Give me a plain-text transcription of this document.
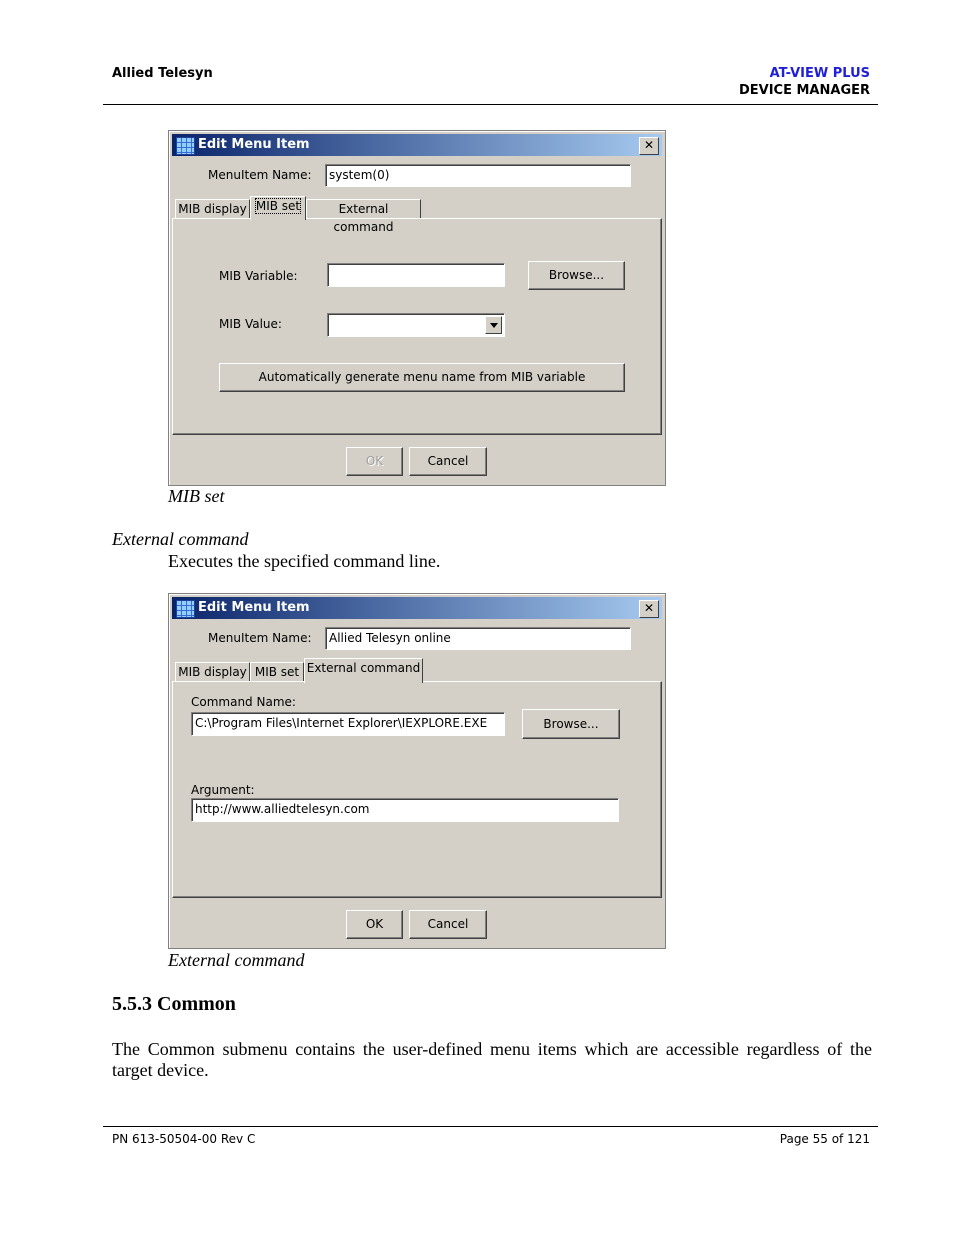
Allied Telesyn	AT-VIEW PLUS
DEVICE MANAGER
Edit Menu Item	✕
MenuItem Name:	system(0)
MIB display MIB set	External command
MIB Variable:	Browse...
MIB Value:
Automatically generate menu name from MIB variable
OK	Cancel
MIB set
External command
Executes the specified command line.
Edit Menu Item	✕
MenuItem Name:	Allied Telesyn online
MIB display MIB set External command
Command Name:
C:\Program Files\Internet Explorer\IEXPLORE.EXE	Browse...
Argument:
http://www.alliedtelesyn.com
OK	Cancel
External command
5.5.3 Common
The Common submenu contains the user-defined menu items which are accessible regardless of the target device.
PN 613-50504-00 Rev C	Page 55 of 121
